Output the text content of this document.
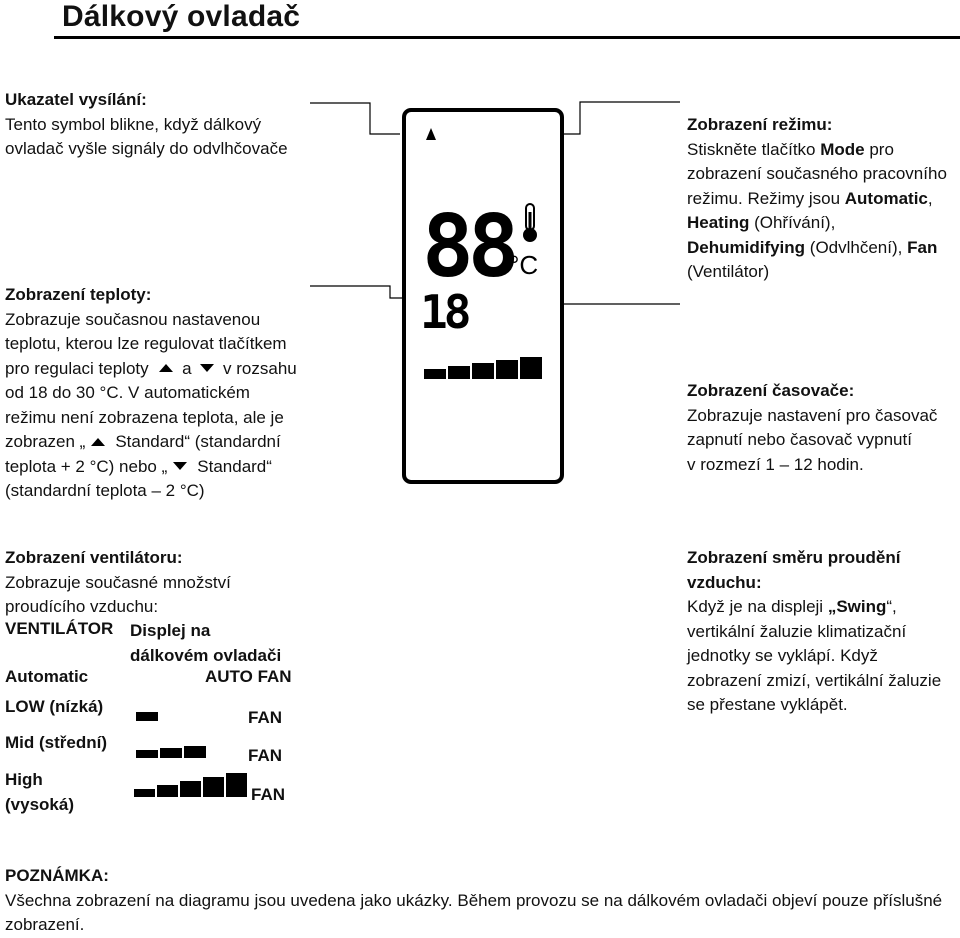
Dálkový ovladač
Ukazatel vysílání:
Tento symbol blikne, když dálkový
ovladač vyšle signály do odvlhčovače
Zobrazení teploty:
Zobrazuje současnou nastavenou
teplotu, kterou lze regulovat tlačítkem
pro regulaci teploty a v rozsahu
od 18 do 30 °C. V automatickém
režimu není zobrazena teplota, ale je
zobrazen „ Standard“ (standardní
teplota + 2 °C) nebo „ Standard“
(standardní teplota – 2 °C)
88
°C
18
Zobrazení režimu:
Stiskněte tlačítko Mode pro
zobrazení současného pracovního
režimu. Režimy jsou Automatic,
Heating (Ohřívání),
Dehumidifying (Odvlhčení), Fan
(Ventilátor)
Zobrazení časovače:
Zobrazuje nastavení pro časovač
zapnutí nebo časovač vypnutí
v rozmezí 1 – 12 hodin.
Zobrazení ventilátoru:
Zobrazuje současné množství
proudícího vzduchu:
VENTILÁTOR Displej na
dálkovém ovladači
Automatic	AUTO FAN
LOW (nízká)
FAN
Mid (střední)
FAN
High
(vysoká)	FAN
Zobrazení směru proudění
vzduchu:
Když je na displeji „Swing“,
vertikální žaluzie klimatizační
jednotky se vyklápí. Když
zobrazení zmizí, vertikální žaluzie
se přestane vyklápět.
POZNÁMKA:
Všechna zobrazení na diagramu jsou uvedena jako ukázky. Během provozu se na dálkovém ovladači objeví pouze příslušné
zobrazení.
